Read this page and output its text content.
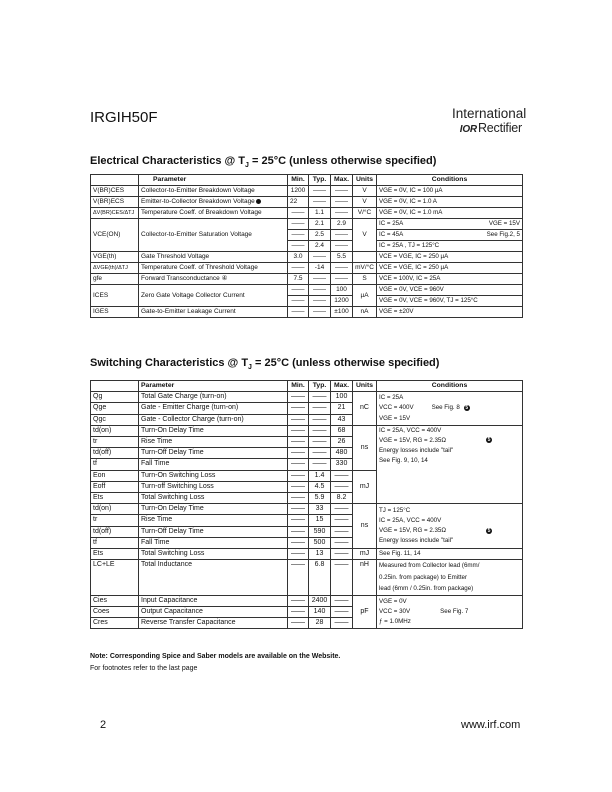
IRGIH50F	International
IORRectifier
Electrical Characteristics @ $T_J = 25^\circ C$ (unless otherwise specified)
	Parameter	Min.	Typ.	Max.	Units	Conditions
V(BR)CES	Collector-to-Emitter Breakdown Voltage	1200	——	——	V	VGE = 0V, IC = 100 µA
V(BR)ECS	Emitter-to-Collector Breakdown Voltage	22	——	——	V	VGE = 0V, IC = 1.0 A
ΔV(BR)CES/ΔTJ	Temperature Coeff. of Breakdown Voltage	——	1.1	——	V/°C	VGE = 0V, IC = 1.0 mA
VCE(ON)	Collector-to-Emitter Saturation Voltage	——	2.1	2.9	V	IC = 25A VGE = 15V

		——	2.5	——		IC = 45A See Fig.2, 5

		——	2.4	——		IC = 25A , TJ = 125°C
VGE(th)	Gate Threshold Voltage	3.0	——	5.5		VCE = VGE, IC = 250 µA
ΔVGE(th)/ΔTJ	Temperature Coeff. of Threshold Voltage	——	-14	——	mV/°C	VCE = VGE, IC = 250 µA
gfe	Forward Transconductance ④	7.5	——	——	S	VCE = 100V, IC = 25A
ICES	Zero Gate Voltage Collector Current	——	——	100	µA	VGE = 0V, VCE = 960V
		——	——	1200		VGE = 0V, VCE = 960V, TJ = 125°C
IGES	Gate-to-Emitter Leakage Current	——	——	±100	nA	VGE = ±20V
Switching Characteristics @ $T_J = 25^\circ C$ (unless otherwise specified)
	Parameter	Min.	Typ.	Max.	Units	Conditions
Qg	Total Gate Charge (turn-on)	——	——	100	nC	IC = 25A
VCC = 400V See Fig. 8 5
VGE = 15V

Qge	Gate - Emitter Charge (turn-on)	——	——	21		
Qgc	Gate - Collector Charge (turn-on)	——	——	43		
td(on)	Turn-On Delay Time	——	——	68	ns	IC = 25A, VCC = 400V
VGE = 15V, RG = 2.35Ω 5
Energy losses include "tail"
See Fig. 9, 10, 14

tr	Rise Time	——	——	26		
td(off)	Turn-Off Delay Time	——	——	480		
tf	Fall Time	——	——	330		
Eon	Turn-On Switching Loss	——	1.4	——	mJ	
Eoff	Turn-off Switching Loss	——	4.5	——		
Ets	Total Switching Loss	——	5.9	8.2		
td(on)	Turn-On Delay Time	——	33	——	ns	TJ = 125°C
IC = 25A, VCC = 400V
VGE = 15V, RG = 2.35Ω 5
Energy losses include "tail"

tr	Rise Time	——	15	——		
td(off)	Turn-Off Delay Time	——	590	——		
tf	Fall Time	——	500	——		
Ets	Total Switching Loss	——	13	——	mJ	See Fig. 11, 14
LC+LE	Total Inductance	——	6.8	——	nH	Measured from Collector lead (6mm/
0.25in. from package) to Emitter
lead (6mm / 0.25in. from package)

Cies	Input Capacitance	——	2400	——	pF	VGE = 0V
VCC = 30V See Fig. 7
ƒ = 1.0MHz

Coes	Output Capacitance	——	140	——		
Cres	Reverse Transfer Capacitance	——	28	——		
Note: Corresponding Spice and Saber models are available on the Website.
For footnotes refer to the last page
2	www.irf.com
